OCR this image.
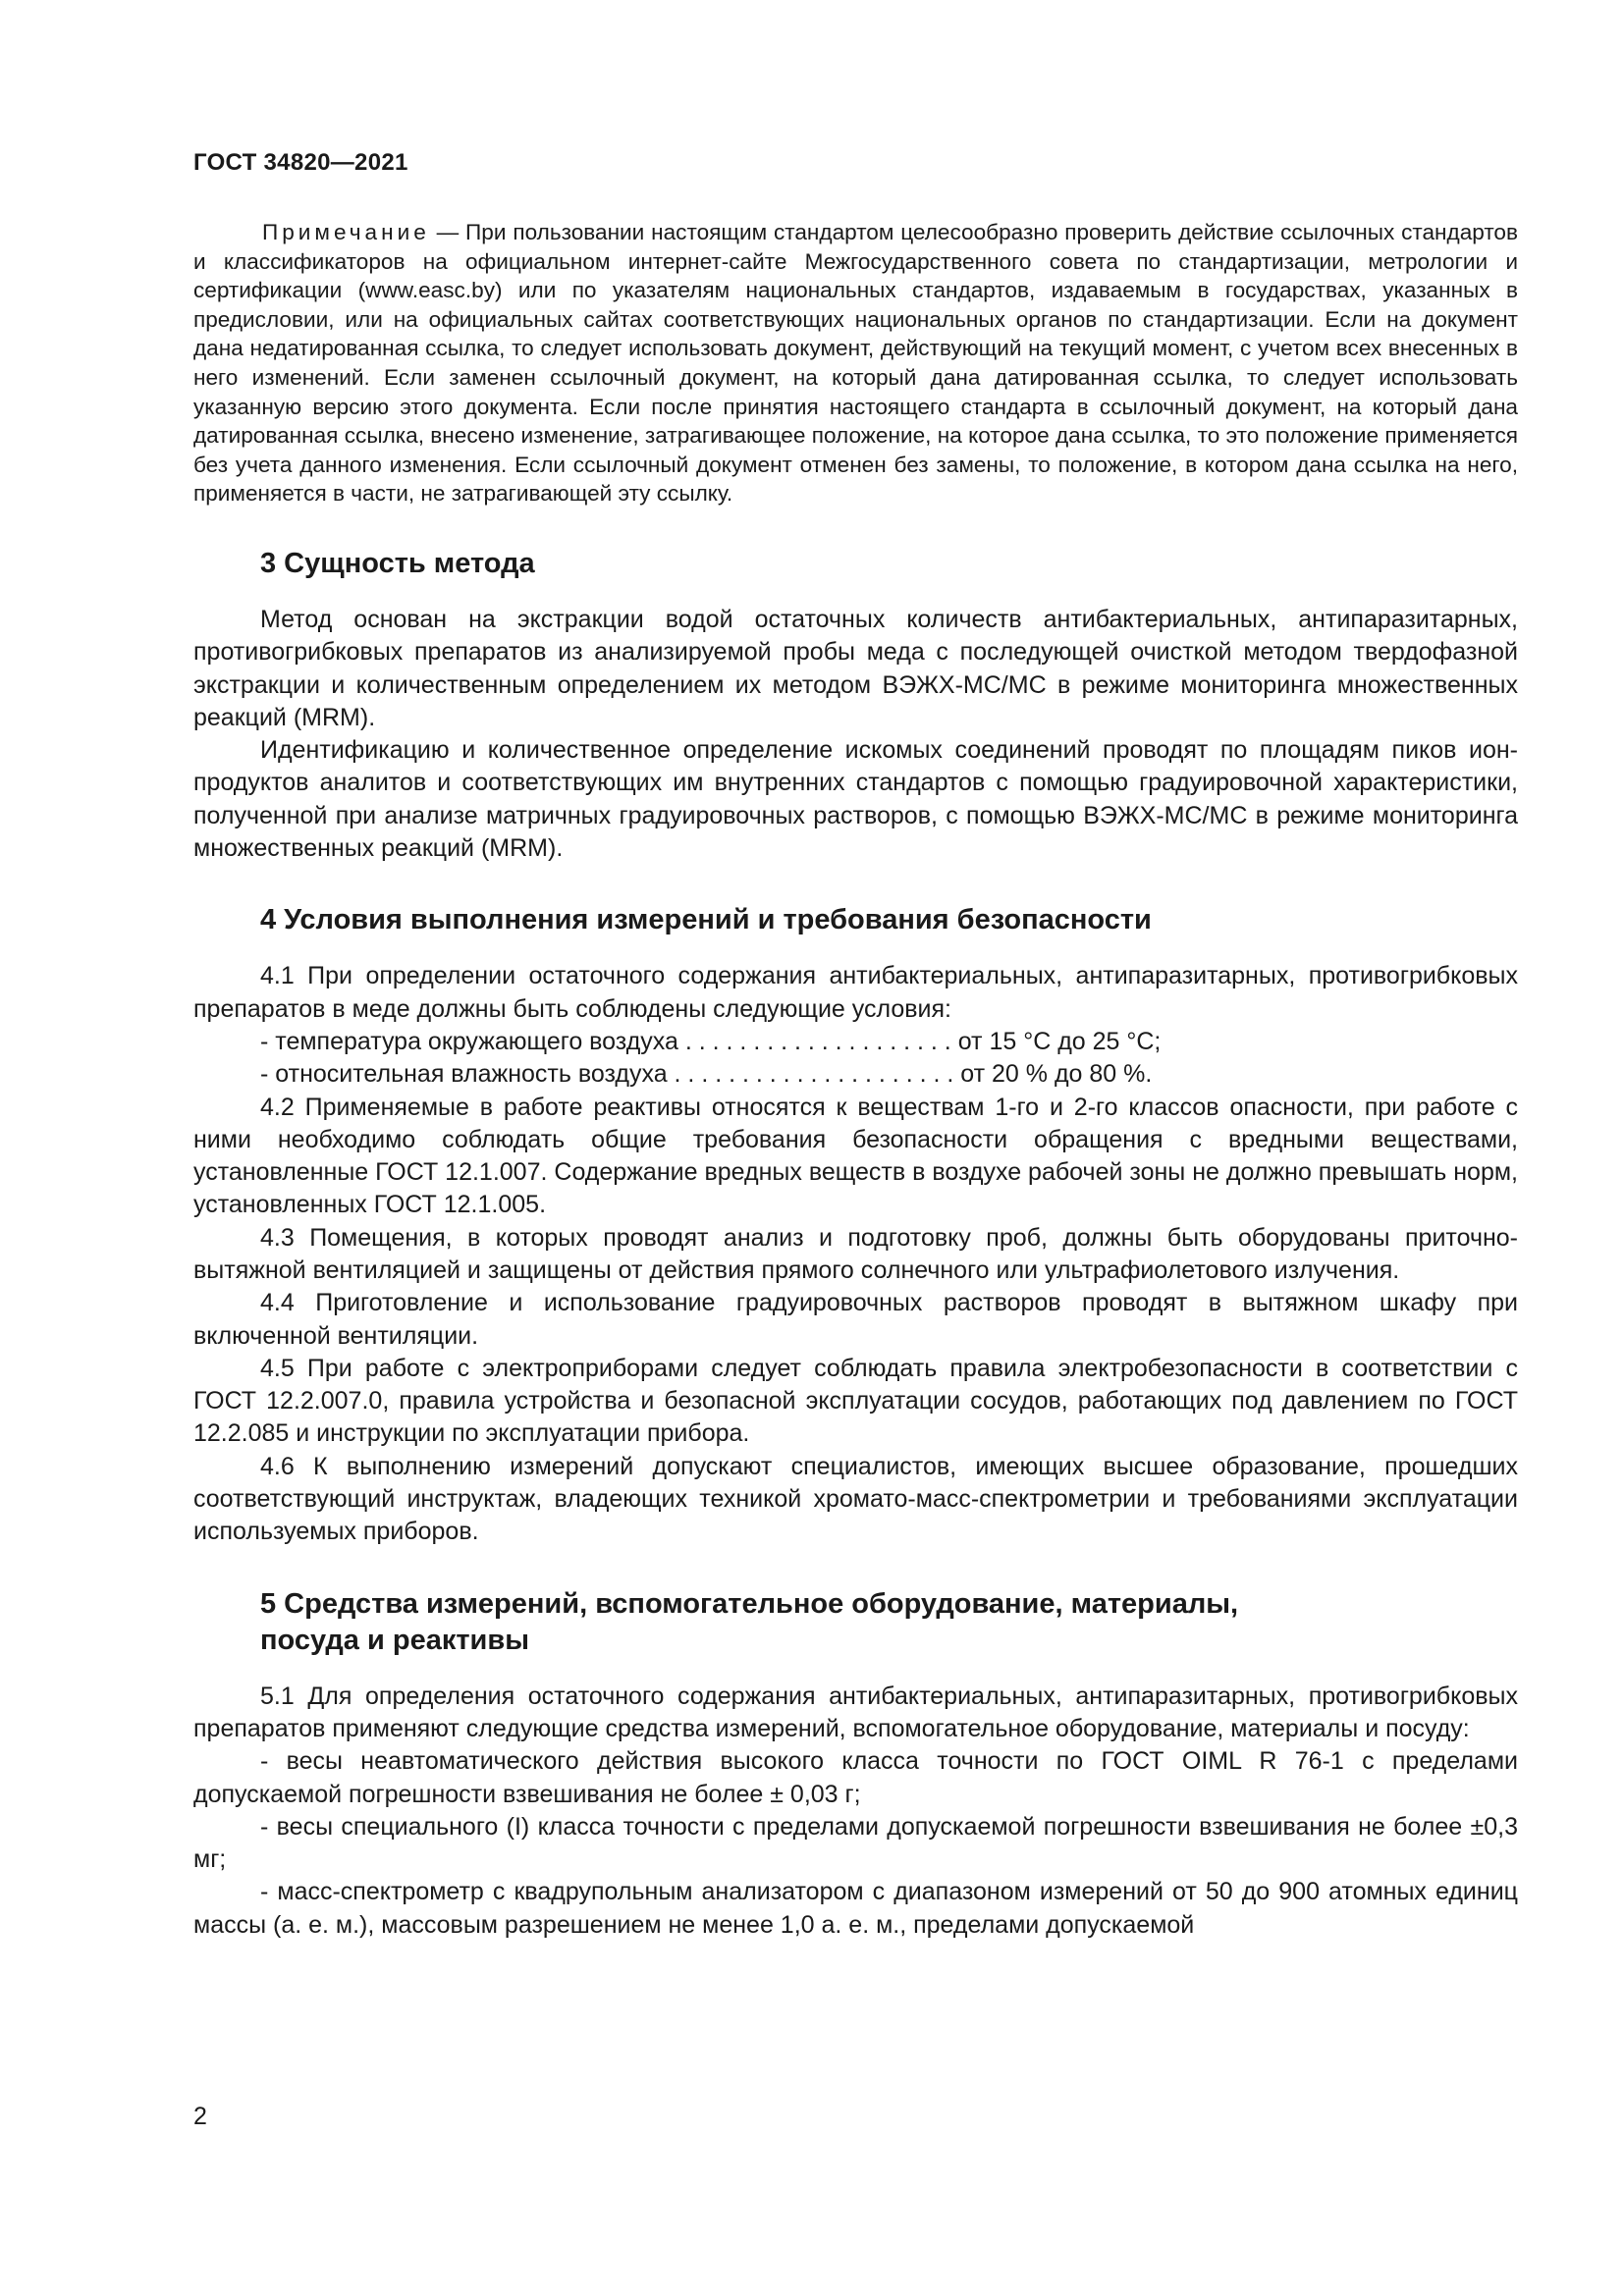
ГОСТ 34820—2021

Примечание — При пользовании настоящим стандартом целесообразно проверить действие ссылочных стандартов и классификаторов на официальном интернет-сайте Межгосударственного совета по стандартизации, метрологии и сертификации (www.easc.by) или по указателям национальных стандартов, издаваемым в государствах, указанных в предисловии, или на официальных сайтах соответствующих национальных органов по стандартизации. Если на документ дана недатированная ссылка, то следует использовать документ, действующий на текущий момент, с учетом всех внесенных в него изменений. Если заменен ссылочный документ, на который дана датированная ссылка, то следует использовать указанную версию этого документа. Если после принятия настоящего стандарта в ссылочный документ, на который дана датированная ссылка, внесено изменение, затрагивающее положение, на которое дана ссылка, то это положение применяется без учета данного изменения. Если ссылочный документ отменен без замены, то положение, в котором дана ссылка на него, применяется в части, не затрагивающей эту ссылку.

3 Сущность метода

Метод основан на экстракции водой остаточных количеств антибактериальных, антипаразитарных, противогрибковых препаратов из анализируемой пробы меда с последующей очисткой методом твердофазной экстракции и количественным определением их методом ВЭЖХ-МС/МС в режиме мониторинга множественных реакций (MRM).

Идентификацию и количественное определение искомых соединений проводят по площадям пиков ион-продуктов аналитов и соответствующих им внутренних стандартов с помощью градуировочной характеристики, полученной при анализе матричных градуировочных растворов, с помощью ВЭЖХ-МС/МС в режиме мониторинга множественных реакций (MRM).

4 Условия выполнения измерений и требования безопасности

4.1 При определении остаточного содержания антибактериальных, антипаразитарных, противогрибковых препаратов в меде должны быть соблюдены следующие условия:

- температура окружающего воздуха . . . . . . . . . . . . . . . . . . . . от 15 °С до 25 °С;

- относительная влажность воздуха . . . . . . . . . . . . . . . . . . . . . от 20 % до 80 %.

4.2 Применяемые в работе реактивы относятся к веществам 1-го и 2-го классов опасности, при работе с ними необходимо соблюдать общие требования безопасности обращения с вредными веществами, установленные ГОСТ 12.1.007. Содержание вредных веществ в воздухе рабочей зоны не должно превышать норм, установленных ГОСТ 12.1.005.

4.3 Помещения, в которых проводят анализ и подготовку проб, должны быть оборудованы приточно-вытяжной вентиляцией и защищены от действия прямого солнечного или ультрафиолетового излучения.

4.4 Приготовление и использование градуировочных растворов проводят в вытяжном шкафу при включенной вентиляции.

4.5 При работе с электроприборами следует соблюдать правила электробезопасности в соответствии с ГОСТ 12.2.007.0, правила устройства и безопасной эксплуатации сосудов, работающих под давлением по ГОСТ 12.2.085 и инструкции по эксплуатации прибора.

4.6 К выполнению измерений допускают специалистов, имеющих высшее образование, прошедших соответствующий инструктаж, владеющих техникой хромато-масс-спектрометрии и требованиями эксплуатации используемых приборов.

5 Средства измерений, вспомогательное оборудование, материалы,
посуда и реактивы

5.1 Для определения остаточного содержания антибактериальных, антипаразитарных, противогрибковых препаратов применяют следующие средства измерений, вспомогательное оборудование, материалы и посуду:

- весы неавтоматического действия высокого класса точности по ГОСТ OIML R 76-1 с пределами допускаемой погрешности взвешивания не более ± 0,03 г;

- весы специального (I) класса точности с пределами допускаемой погрешности взвешивания не более ±0,3 мг;

- масс-спектрометр с квадрупольным анализатором с диапазоном измерений от 50 до 900 атомных единиц массы (а. е. м.), массовым разрешением не менее 1,0 а. е. м., пределами допускаемой

2
